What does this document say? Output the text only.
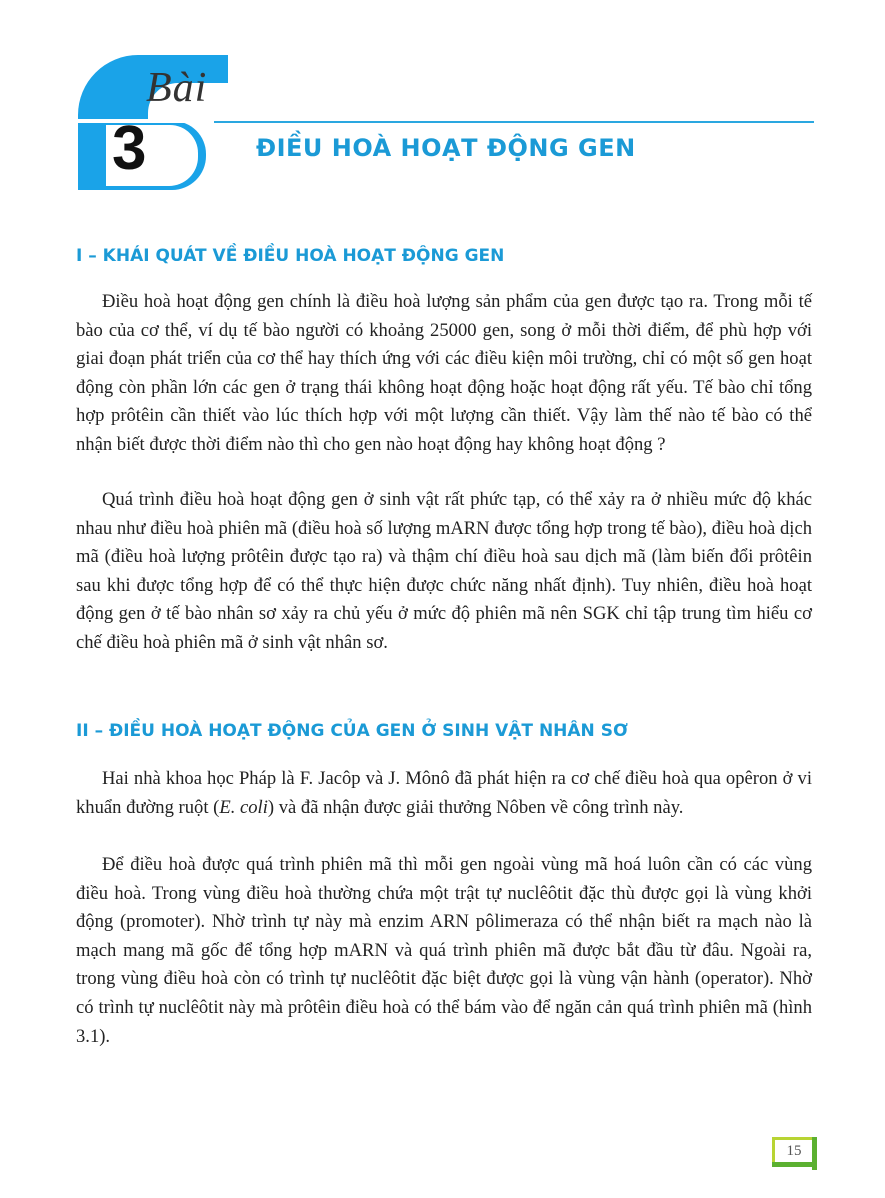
Bài
3	ĐIỀU HOÀ HOẠT ĐỘNG GEN
I – KHÁI QUÁT VỀ ĐIỀU HOÀ HOẠT ĐỘNG GEN

Điều hoà hoạt động gen chính là điều hoà lượng sản phẩm của gen được tạo ra. Trong mỗi tế bào của cơ thể, ví dụ tế bào người có khoảng 25000 gen, song ở mỗi thời điểm, để phù hợp với giai đoạn phát triển của cơ thể hay thích ứng với các điều kiện môi trường, chỉ có một số gen hoạt động còn phần lớn các gen ở trạng thái không hoạt động hoặc hoạt động rất yếu. Tế bào chỉ tổng hợp prôtêin cần thiết vào lúc thích hợp với một lượng cần thiết. Vậy làm thế nào tế bào có thể nhận biết được thời điểm nào thì cho gen nào hoạt động hay không hoạt động ?

Quá trình điều hoà hoạt động gen ở sinh vật rất phức tạp, có thể xảy ra ở nhiều mức độ khác nhau như điều hoà phiên mã (điều hoà số lượng mARN được tổng hợp trong tế bào), điều hoà dịch mã (điều hoà lượng prôtêin được tạo ra) và thậm chí điều hoà sau dịch mã (làm biến đổi prôtêin sau khi được tổng hợp để có thể thực hiện được chức năng nhất định). Tuy nhiên, điều hoà hoạt động gen ở tế bào nhân sơ xảy ra chủ yếu ở mức độ phiên mã nên SGK chỉ tập trung tìm hiểu cơ chế điều hoà phiên mã ở sinh vật nhân sơ.

II – ĐIỀU HOÀ HOẠT ĐỘNG CỦA GEN Ở SINH VẬT NHÂN SƠ

Hai nhà khoa học Pháp là F. Jacôp và J. Mônô đã phát hiện ra cơ chế điều hoà qua opêron ở vi khuẩn đường ruột (E. coli) và đã nhận được giải thưởng Nôben về công trình này.

Để điều hoà được quá trình phiên mã thì mỗi gen ngoài vùng mã hoá luôn cần có các vùng điều hoà. Trong vùng điều hoà thường chứa một trật tự nuclêôtit đặc thù được gọi là vùng khởi động (promoter). Nhờ trình tự này mà enzim ARN pôlimeraza có thể nhận biết ra mạch nào là mạch mang mã gốc để tổng hợp mARN và quá trình phiên mã được bắt đầu từ đâu. Ngoài ra, trong vùng điều hoà còn có trình tự nuclêôtit đặc biệt được gọi là vùng vận hành (operator). Nhờ có trình tự nuclêôtit này mà prôtêin điều hoà có thể bám vào để ngăn cản quá trình phiên mã (hình 3.1).

15
